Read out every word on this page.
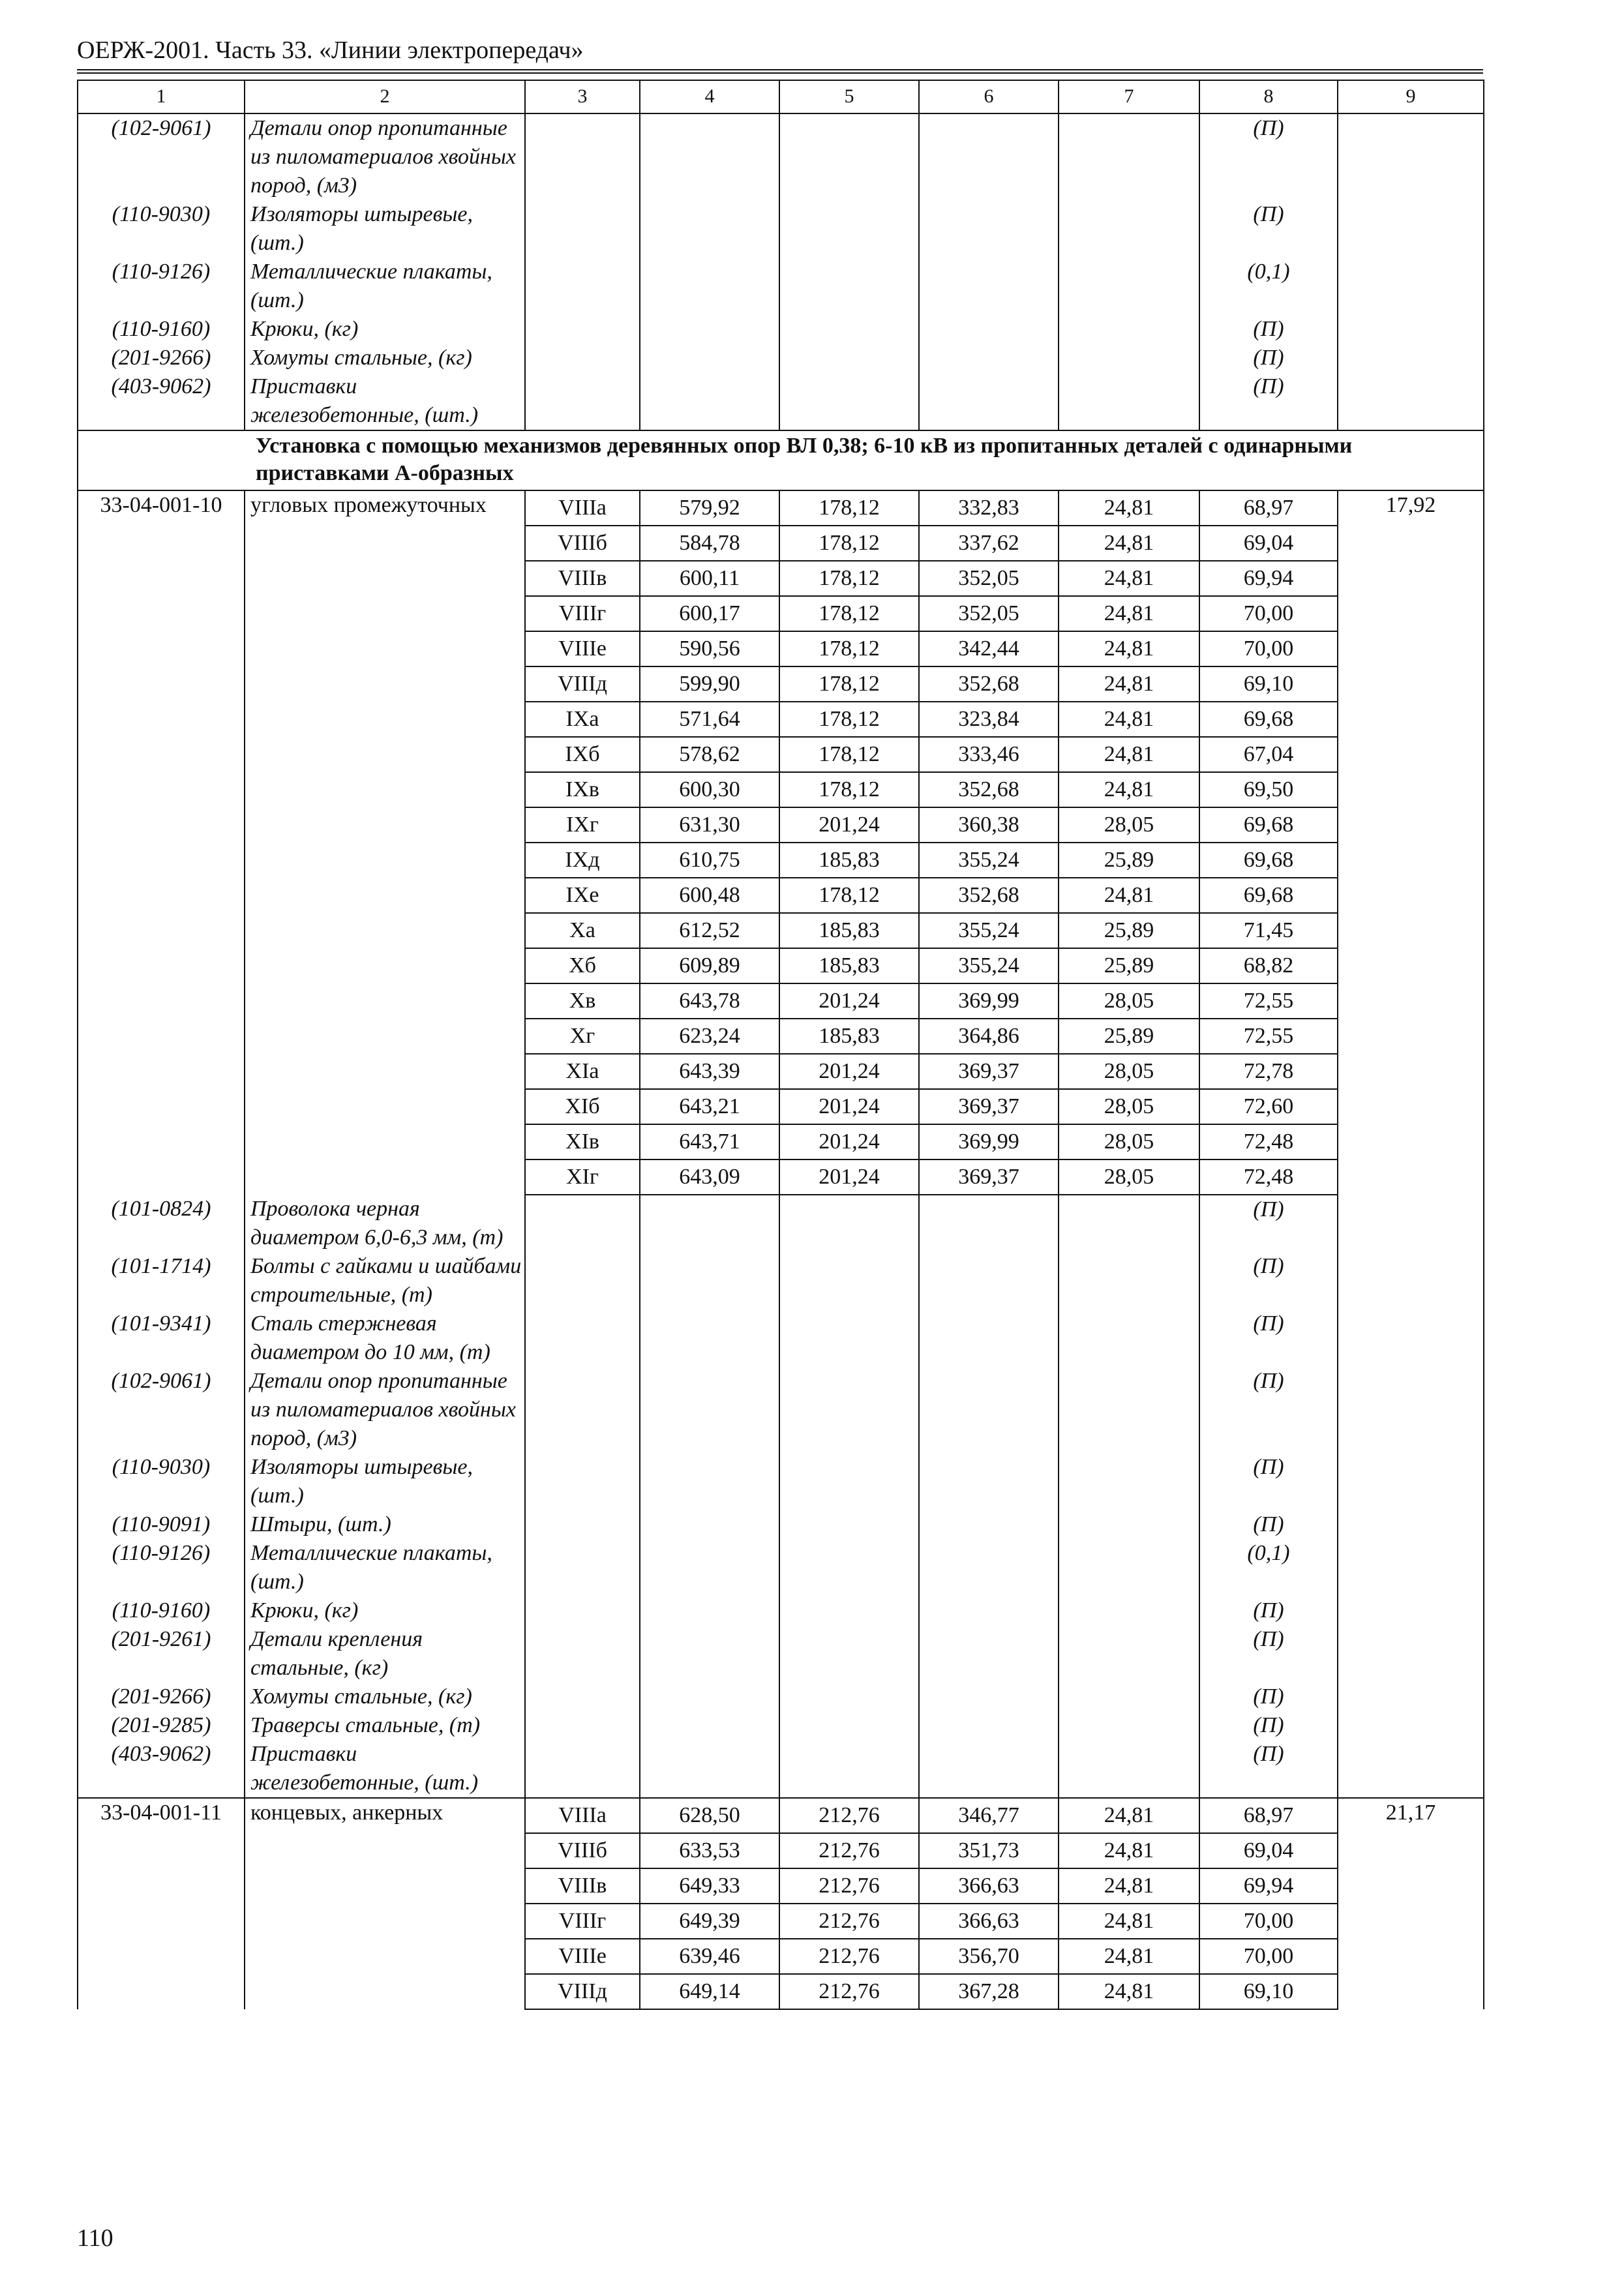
ОЕРЖ-2001. Часть 33. «Линии электропередач»
1	2	3	4	5	6	7	8	9
(102-9061)	Детали опор пропитанные из пиломатериалов хвойных пород, (м3)						(П)	
(110-9030)	Изоляторы штыревые, (шт.)						(П)	
(110-9126)	Металлические плакаты, (шт.)						(0,1)	
(110-9160)	Крюки, (кг)						(П)	
(201-9266)	Хомуты стальные, (кг)						(П)	
(403-9062)	Приставки железобетонные, (шт.)						(П)	
Установка с помощью механизмов деревянных опор ВЛ 0,38; 6-10 кВ из пропитанных деталей с одинарными приставками А-образных								
33-04-001-10	угловых промежуточных	VIIIа	579,92	178,12	332,83	24,81	68,97	17,92
		VIIIб	584,78	178,12	337,62	24,81	69,04	
		VIIIв	600,11	178,12	352,05	24,81	69,94	
		VIIIг	600,17	178,12	352,05	24,81	70,00	
		VIIIе	590,56	178,12	342,44	24,81	70,00	
		VIIIд	599,90	178,12	352,68	24,81	69,10	
		IXа	571,64	178,12	323,84	24,81	69,68	
		IXб	578,62	178,12	333,46	24,81	67,04	
		IXв	600,30	178,12	352,68	24,81	69,50	
		IXг	631,30	201,24	360,38	28,05	69,68	
		IXд	610,75	185,83	355,24	25,89	69,68	
		IXе	600,48	178,12	352,68	24,81	69,68	
		Xа	612,52	185,83	355,24	25,89	71,45	
		Xб	609,89	185,83	355,24	25,89	68,82	
		Xв	643,78	201,24	369,99	28,05	72,55	
		Xг	623,24	185,83	364,86	25,89	72,55	
		XIа	643,39	201,24	369,37	28,05	72,78	
		XIб	643,21	201,24	369,37	28,05	72,60	
		XIв	643,71	201,24	369,99	28,05	72,48	
		XIг	643,09	201,24	369,37	28,05	72,48	
(101-0824)	Проволока черная диаметром 6,0-6,3 мм, (т)						(П)	
(101-1714)	Болты с гайками и шайбами строительные, (т)						(П)	
(101-9341)	Сталь стержневая диаметром до 10 мм, (т)						(П)	
(102-9061)	Детали опор пропитанные из пиломатериалов хвойных пород, (м3)						(П)	
(110-9030)	Изоляторы штыревые, (шт.)						(П)	
(110-9091)	Штыри, (шт.)						(П)	
(110-9126)	Металлические плакаты, (шт.)						(0,1)	
(110-9160)	Крюки, (кг)						(П)	
(201-9261)	Детали крепления стальные, (кг)						(П)	
(201-9266)	Хомуты стальные, (кг)						(П)	
(201-9285)	Траверсы стальные, (т)						(П)	
(403-9062)	Приставки железобетонные, (шт.)						(П)	
33-04-001-11	концевых, анкерных	VIIIа	628,50	212,76	346,77	24,81	68,97	21,17
		VIIIб	633,53	212,76	351,73	24,81	69,04	
		VIIIв	649,33	212,76	366,63	24,81	69,94	
		VIIIг	649,39	212,76	366,63	24,81	70,00	
		VIIIе	639,46	212,76	356,70	24,81	70,00	
		VIIIд	649,14	212,76	367,28	24,81	69,10	
110
